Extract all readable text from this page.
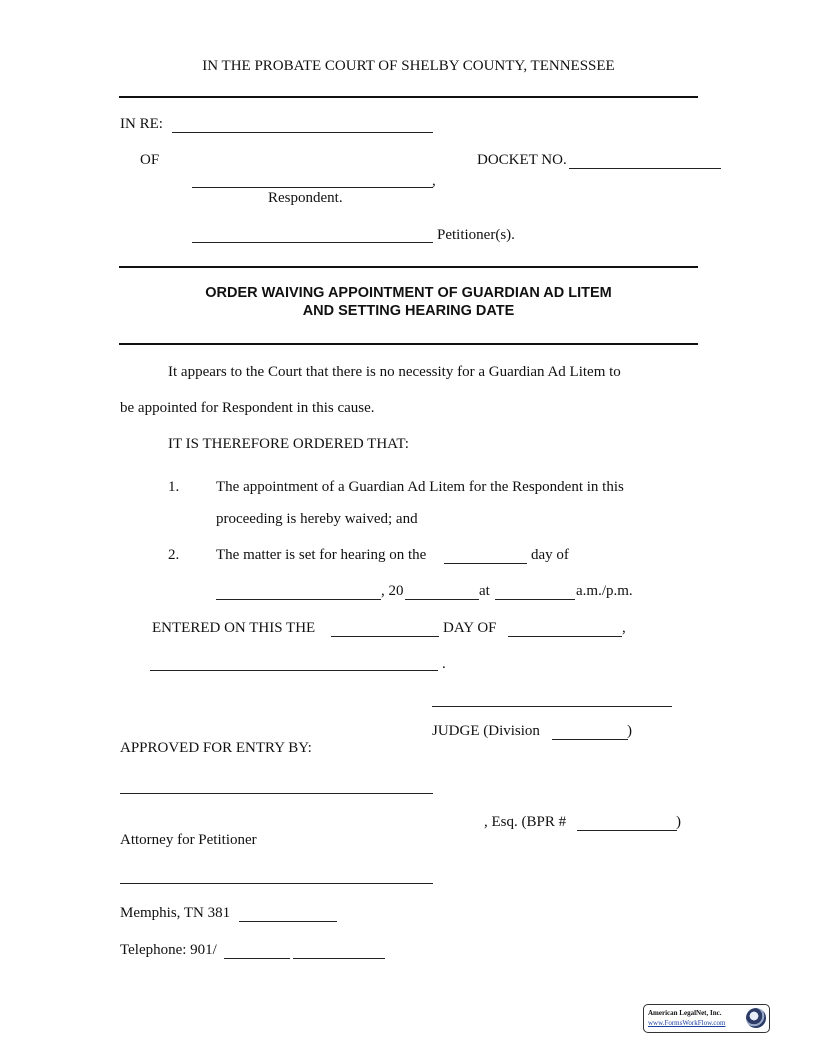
IN THE PROBATE COURT OF SHELBY COUNTY, TENNESSEE
IN RE:
OF	DOCKET NO.
,
Respondent.
Petitioner(s).
ORDER WAIVING APPOINTMENT OF GUARDIAN AD LITEM
AND SETTING HEARING DATE
It appears to the Court that there is no necessity for a Guardian Ad Litem to
be appointed for Respondent in this cause.
IT IS THEREFORE ORDERED THAT:
1. The appointment of a Guardian Ad Litem for the Respondent in this
proceeding is hereby waived; and
2. The matter is set for hearing on the	day of
, 20	at	a.m./p.m.
ENTERED ON THIS THE	DAY OF	,
.
JUDGE (Division	)
APPROVED FOR ENTRY BY:
, Esq. (BPR #	)
Attorney for Petitioner
Memphis, TN 381
Telephone: 901/
American LegalNet, Inc.
www.FormsWorkFlow.com
